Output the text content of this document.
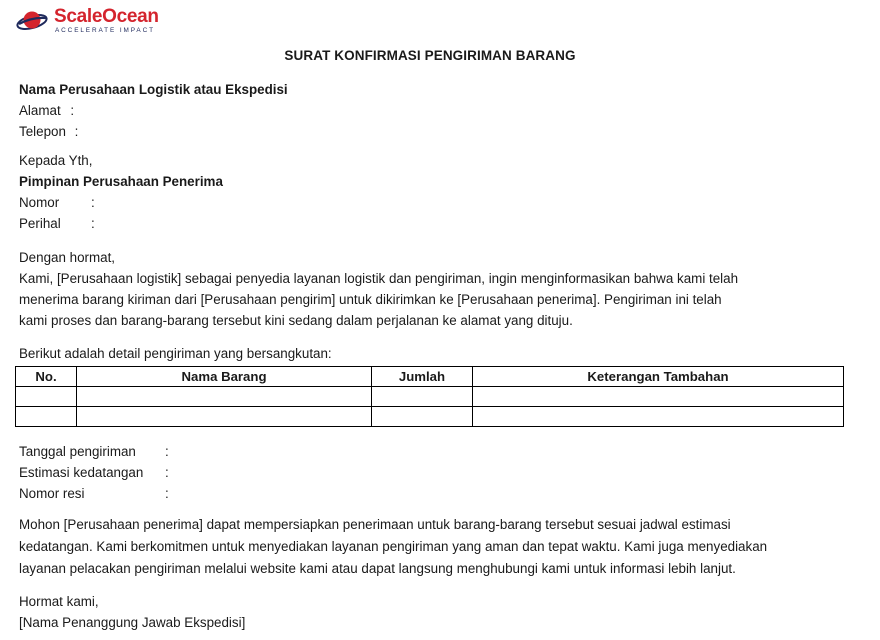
ScaleOcean
ACCELERATE IMPACT
SURAT KONFIRMASI PENGIRIMAN BARANG
Nama Perusahaan Logistik atau Ekspedisi
Alamat :
Telepon :
Kepada Yth,
Pimpinan Perusahaan Penerima
Nomor :
Perihal :
Dengan hormat,
Kami, [Perusahaan logistik] sebagai penyedia layanan logistik dan pengiriman, ingin menginformasikan bahwa kami telah
menerima barang kiriman dari [Perusahaan pengirim] untuk dikirimkan ke [Perusahaan penerima]. Pengiriman ini telah
kami proses dan barang-barang tersebut kini sedang dalam perjalanan ke alamat yang dituju.
Berikut adalah detail pengiriman yang bersangkutan:
No.	Nama Barang	Jumlah	Keterangan Tambahan

Tanggal pengiriman :
Estimasi kedatangan :
Nomor resi	:
Mohon [Perusahaan penerima] dapat mempersiapkan penerimaan untuk barang-barang tersebut sesuai jadwal estimasi
kedatangan. Kami berkomitmen untuk menyediakan layanan pengiriman yang aman dan tepat waktu. Kami juga menyediakan
layanan pelacakan pengiriman melalui website kami atau dapat langsung menghubungi kami untuk informasi lebih lanjut.
Hormat kami,
[Nama Penanggung Jawab Ekspedisi]
